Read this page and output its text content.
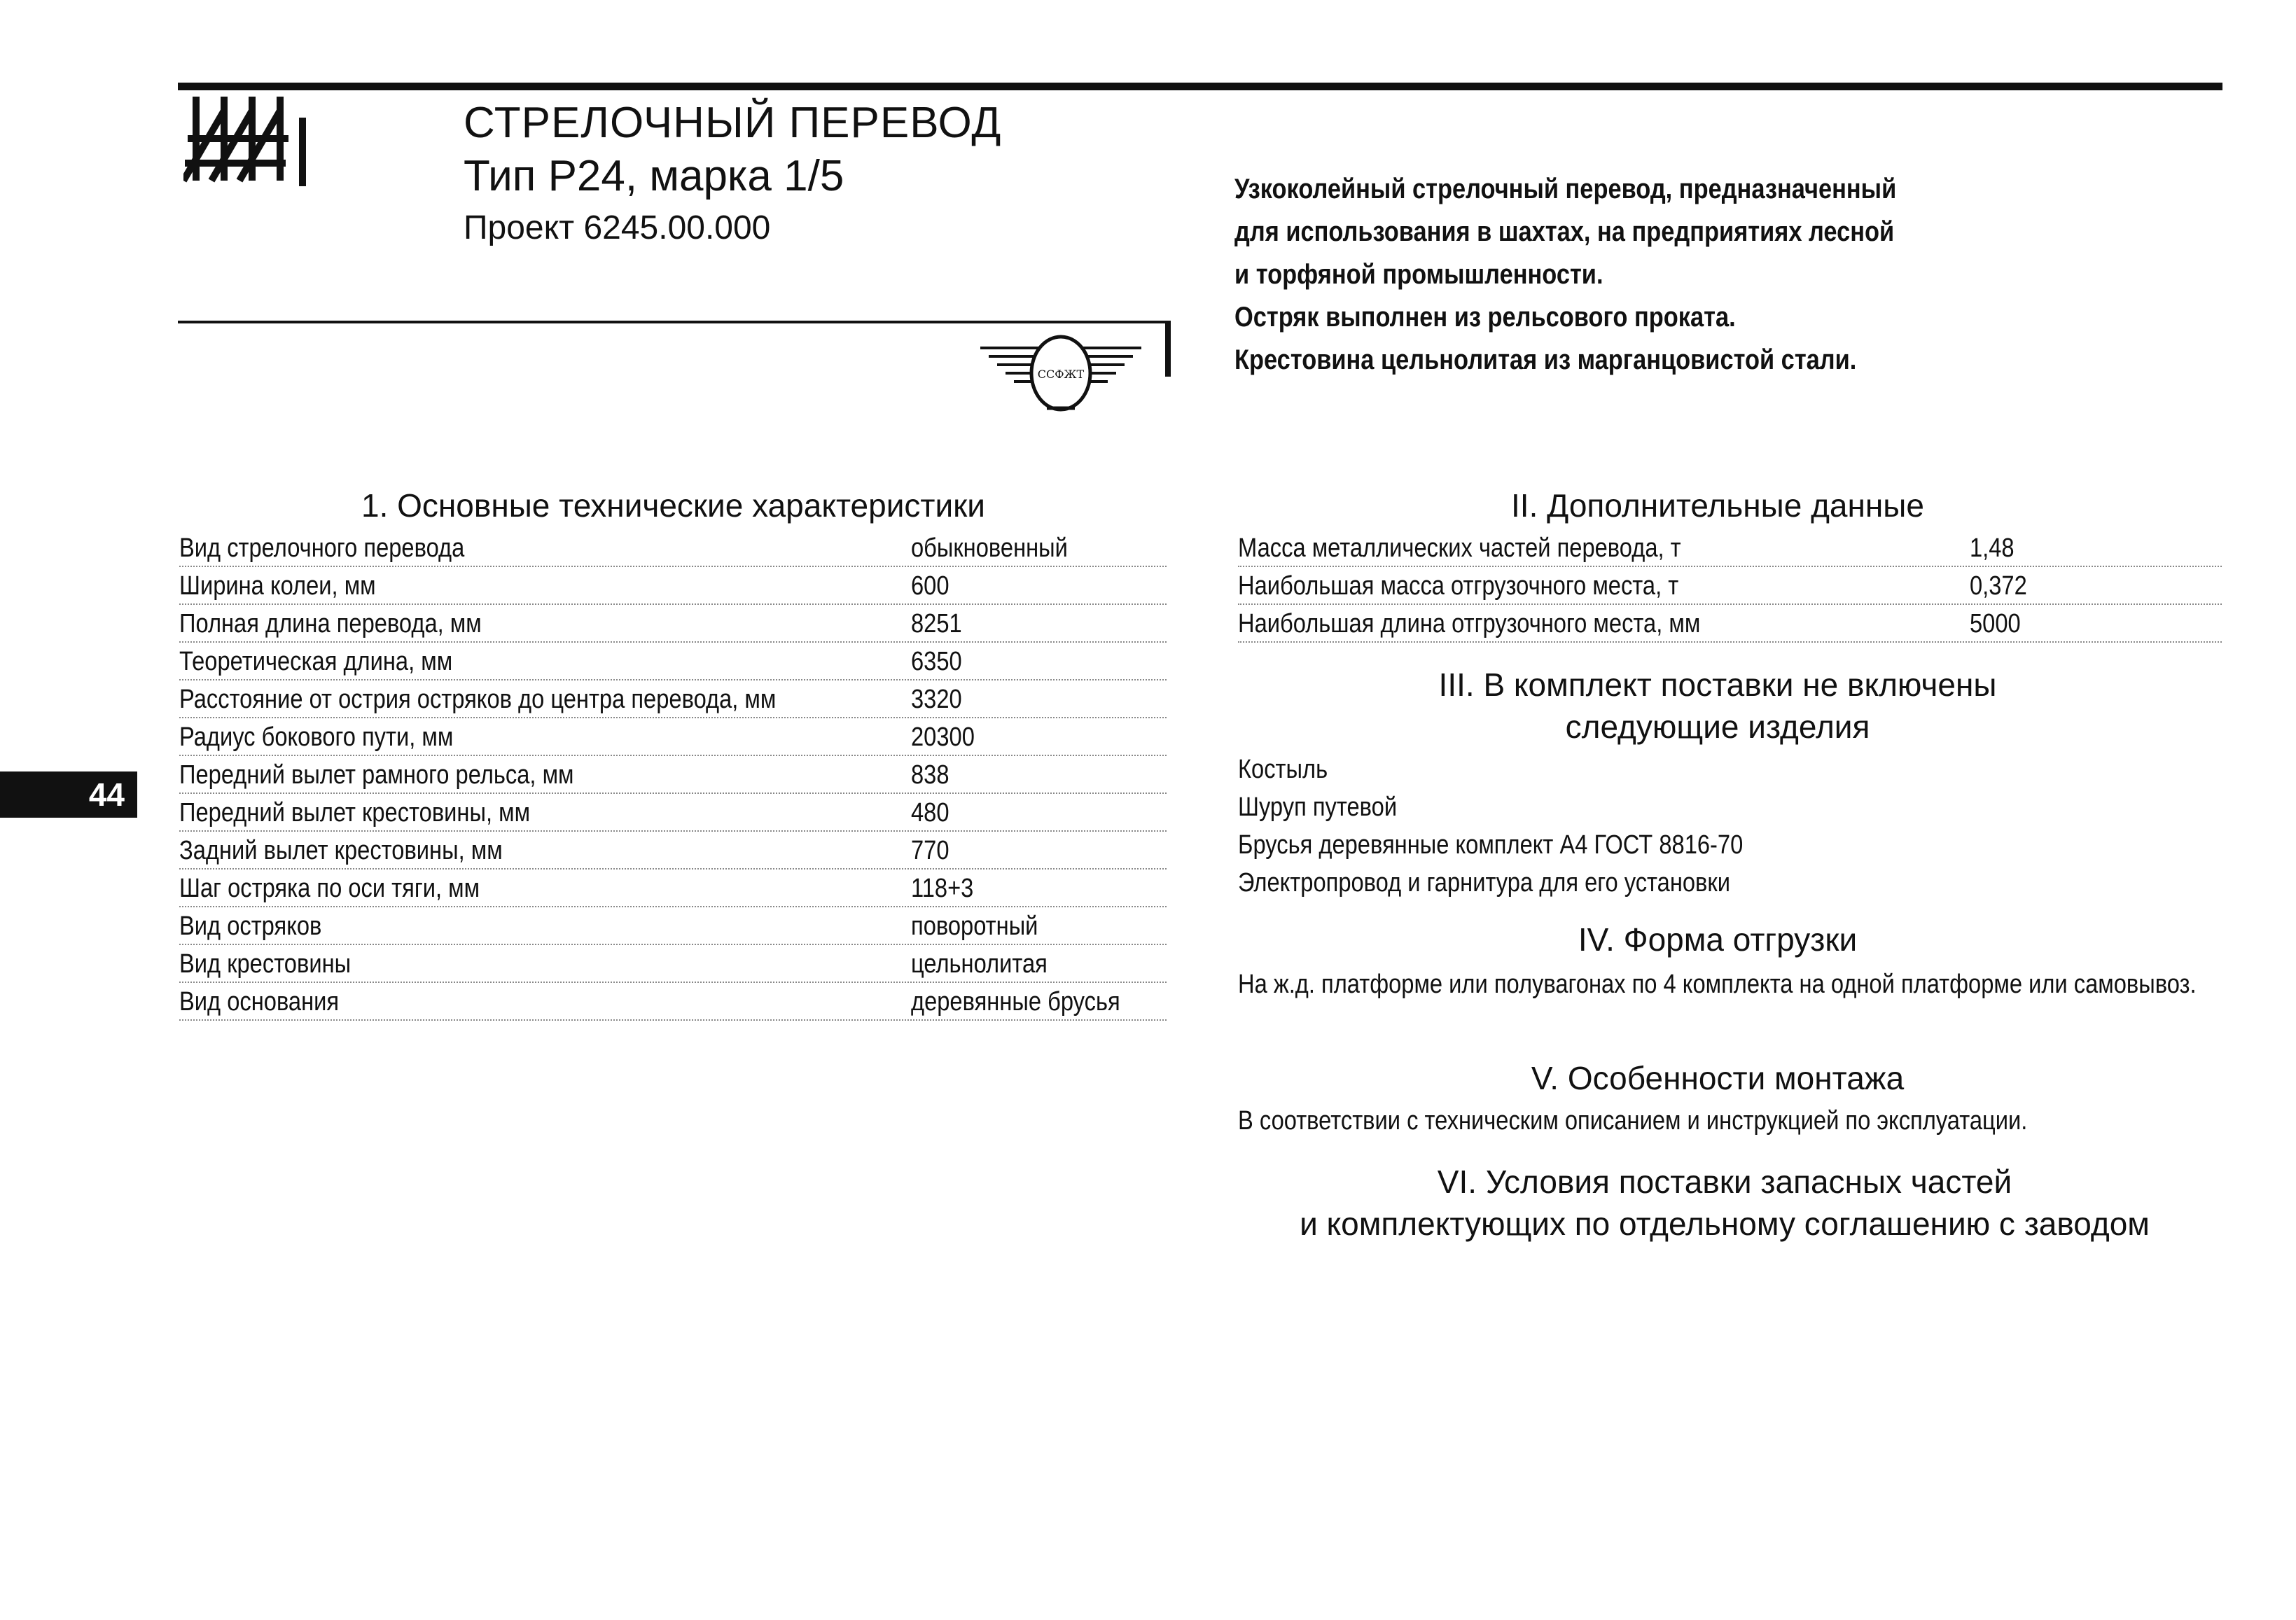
СТРЕЛОЧНЫЙ ПЕРЕВОД
Тип Р24, марка 1/5
Проект 6245.00.000
Узкоколейный стрелочный перевод, предназначенный
для использования в шахтах, на предприятиях лесной
и торфяной промышленности.
Остряк выполнен из рельсового проката.
Крестовина цельнолитая из марганцовистой стали.
ССФЖТ
44
1. Основные технические характеристики
Вид стрелочного перевода	обыкновенный
Ширина колеи, мм	600
Полная длина перевода, мм	8251
Теоретическая длина, мм	6350
Расстояние от острия остряков до центра перевода, мм	3320
Радиус бокового пути, мм	20300
Передний вылет рамного рельса, мм	838
Передний вылет крестовины, мм	480
Задний вылет крестовины, мм	770
Шаг остряка по оси тяги, мм	118+3
Вид остряков	поворотный
Вид крестовины	цельнолитая
Вид основания	деревянные брусья
II. Дополнительные данные
Масса металлических частей перевода, т	1,48
Наибольшая масса отгрузочного места, т	0,372
Наибольшая длина отгрузочного места, мм	5000
III. В комплект поставки не включены
следующие изделия
Костыль
Шуруп путевой
Брусья деревянные комплект А4 ГОСТ 8816-70
Электропровод и гарнитура для его установки
IV. Форма отгрузки
На ж.д. платформе или полувагонах по 4 комплекта на одной платформе или самовывоз.
V. Особенности монтажа
В соответствии с техническим описанием и инструкцией по эксплуатации.
VI. Условия поставки запасных частей
и комплектующих по отдельному соглашению с заводом
